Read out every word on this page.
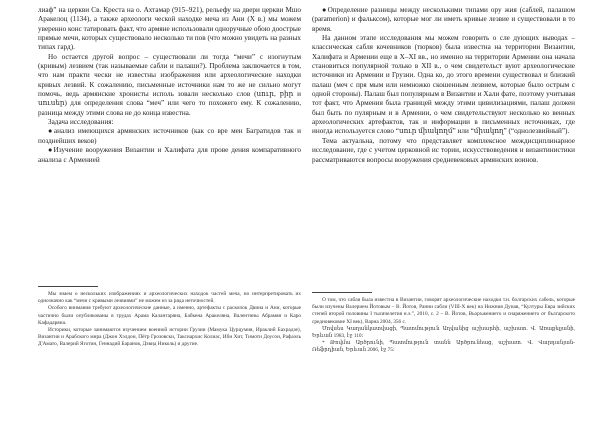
лиаф” на церкви Св. Креста на о. Ахтамар (915–921), рельефу на двери церкви Мшо Аракелоц (1134), а также археологи ческой находке меча из Ани (Х в.) мы можем уверенно конс татировать факт, что армяне использовали одноручные обою доострые прямые мечи, которых существовало несколько ти пов (что можно увидеть на разных типах гард).

Но остается другой вопрос – существовали ли тогда “мечи” с изогнутым (кривым) лезвием (так называемые сабли и палаши?). Проблема заключается в том, что нам практи чески не известны изображения или археологические находки кривых лезвий. К сожалению, письменные источники нам то же не сильно могут помочь, ведь армянские хронисты исполь зовали несколько слов (սուր, բիր и սուսեր) для определения слова “меч” или чего то похожего ему. К сожалению, разница между этими слова не до конца известна.

Задача исследования:

●анализ имеющихся армянских источников (как со вре мен Багратидов так и позднейших веков)

●Изучение вооружения Византии и Халифата для прове дения компаративного анализа с Арменией

Мы знаем о нескольких изображениях и археологических находок частей меча, но интерпретировать их однозначно как “мечи с кривыми лезвиями” не можем из за ряда неточностей.

Особого внимания требуют археологические данные, а именно, артефакты с раскопок Двина и Ани, которые частично были опубликованы в трудах Арама Калантаряна, Бабкена Аракеляна, Валентины Абрамян и Каро Кафадаряна.

Историки, которые занимаются изучением военной истории Грузии (Мамука Цурцумия, Ираклий Бахрадзе), Византии и Арабского мира (Джон Хэлдон, Пётр Грозовски, Таксиархис Колиас, Ибн Хит, Тимоти Доусон, Рафаэль Д'Амато, Валерий Яготин, Геннадий Баранов, Дэвид Николь) и другие.

●Определение разницы между несколькими типами ору жия (саблей, палашом (paramerion) и фальксом), которые мог ли иметь кривые лезвие и существовали в то время.

На данном этапе исследования мы можем говорить о сле дующих выводах – классическая сабля кочевников (тюрков) была известна на территории Византии, Халифата и Армении еще в X–XI вв., но именно на территории Армении она начала становиться популярной только в XII в., о чем свидетельст вуют археологические источники из Армении и Грузии. Одна ко, до этого времени существовал и близкий палаш (меч с пря мым или немножко скошенным лезвием, которые было острым с одной стороны). Палаш был популярным в Византии и Хали фате, поэтому учитывая тот факт, что Армения была границей между этими цивилизациями, палаш должен был быть по пулярным и в Армении, о чем свидетельствуют несколько ко венных археологических артефактов, так и информации в письменных источниках, где иногда используется слово “սուր միակողմ” или “միակող” (“однолезвийный”).

Тема актуальна, потому что представляет комплексное междисциплинарное исследование, где с учетом церковной ис тории, искусствоведения и византинистики рассматриваются вопросы вооружения средневековых армянских воинов.

О том, что сабля была известна в Византии, говорят археологические находки т.н. болгарских сабель, которые были изучены Валерием Йотовым – В. Йотов, Ранни сабли (VIII-X век) на Нижния Дунав, “Културы Евра зийских степей второй половины I тысячелетия н.э.”, 2010, с. 2 – В. Йотов, Вьоръжението и снаряжението от българското средновековие XI век), Варна 2004, 356 с.

Մովսես Կաղանկատվացի, Պատմություն Աղվանից աշխարհի, աշխատ. Վ. Առաքելյանի, Երևան 1983, էջ 110։

* Թովմա Արծրունի, Պատմություն տանն Արծրունեաց, աշխատ. Վ. Վարդանյան-Ռեֆրդիան, Երևան 2006, էջ 75։
